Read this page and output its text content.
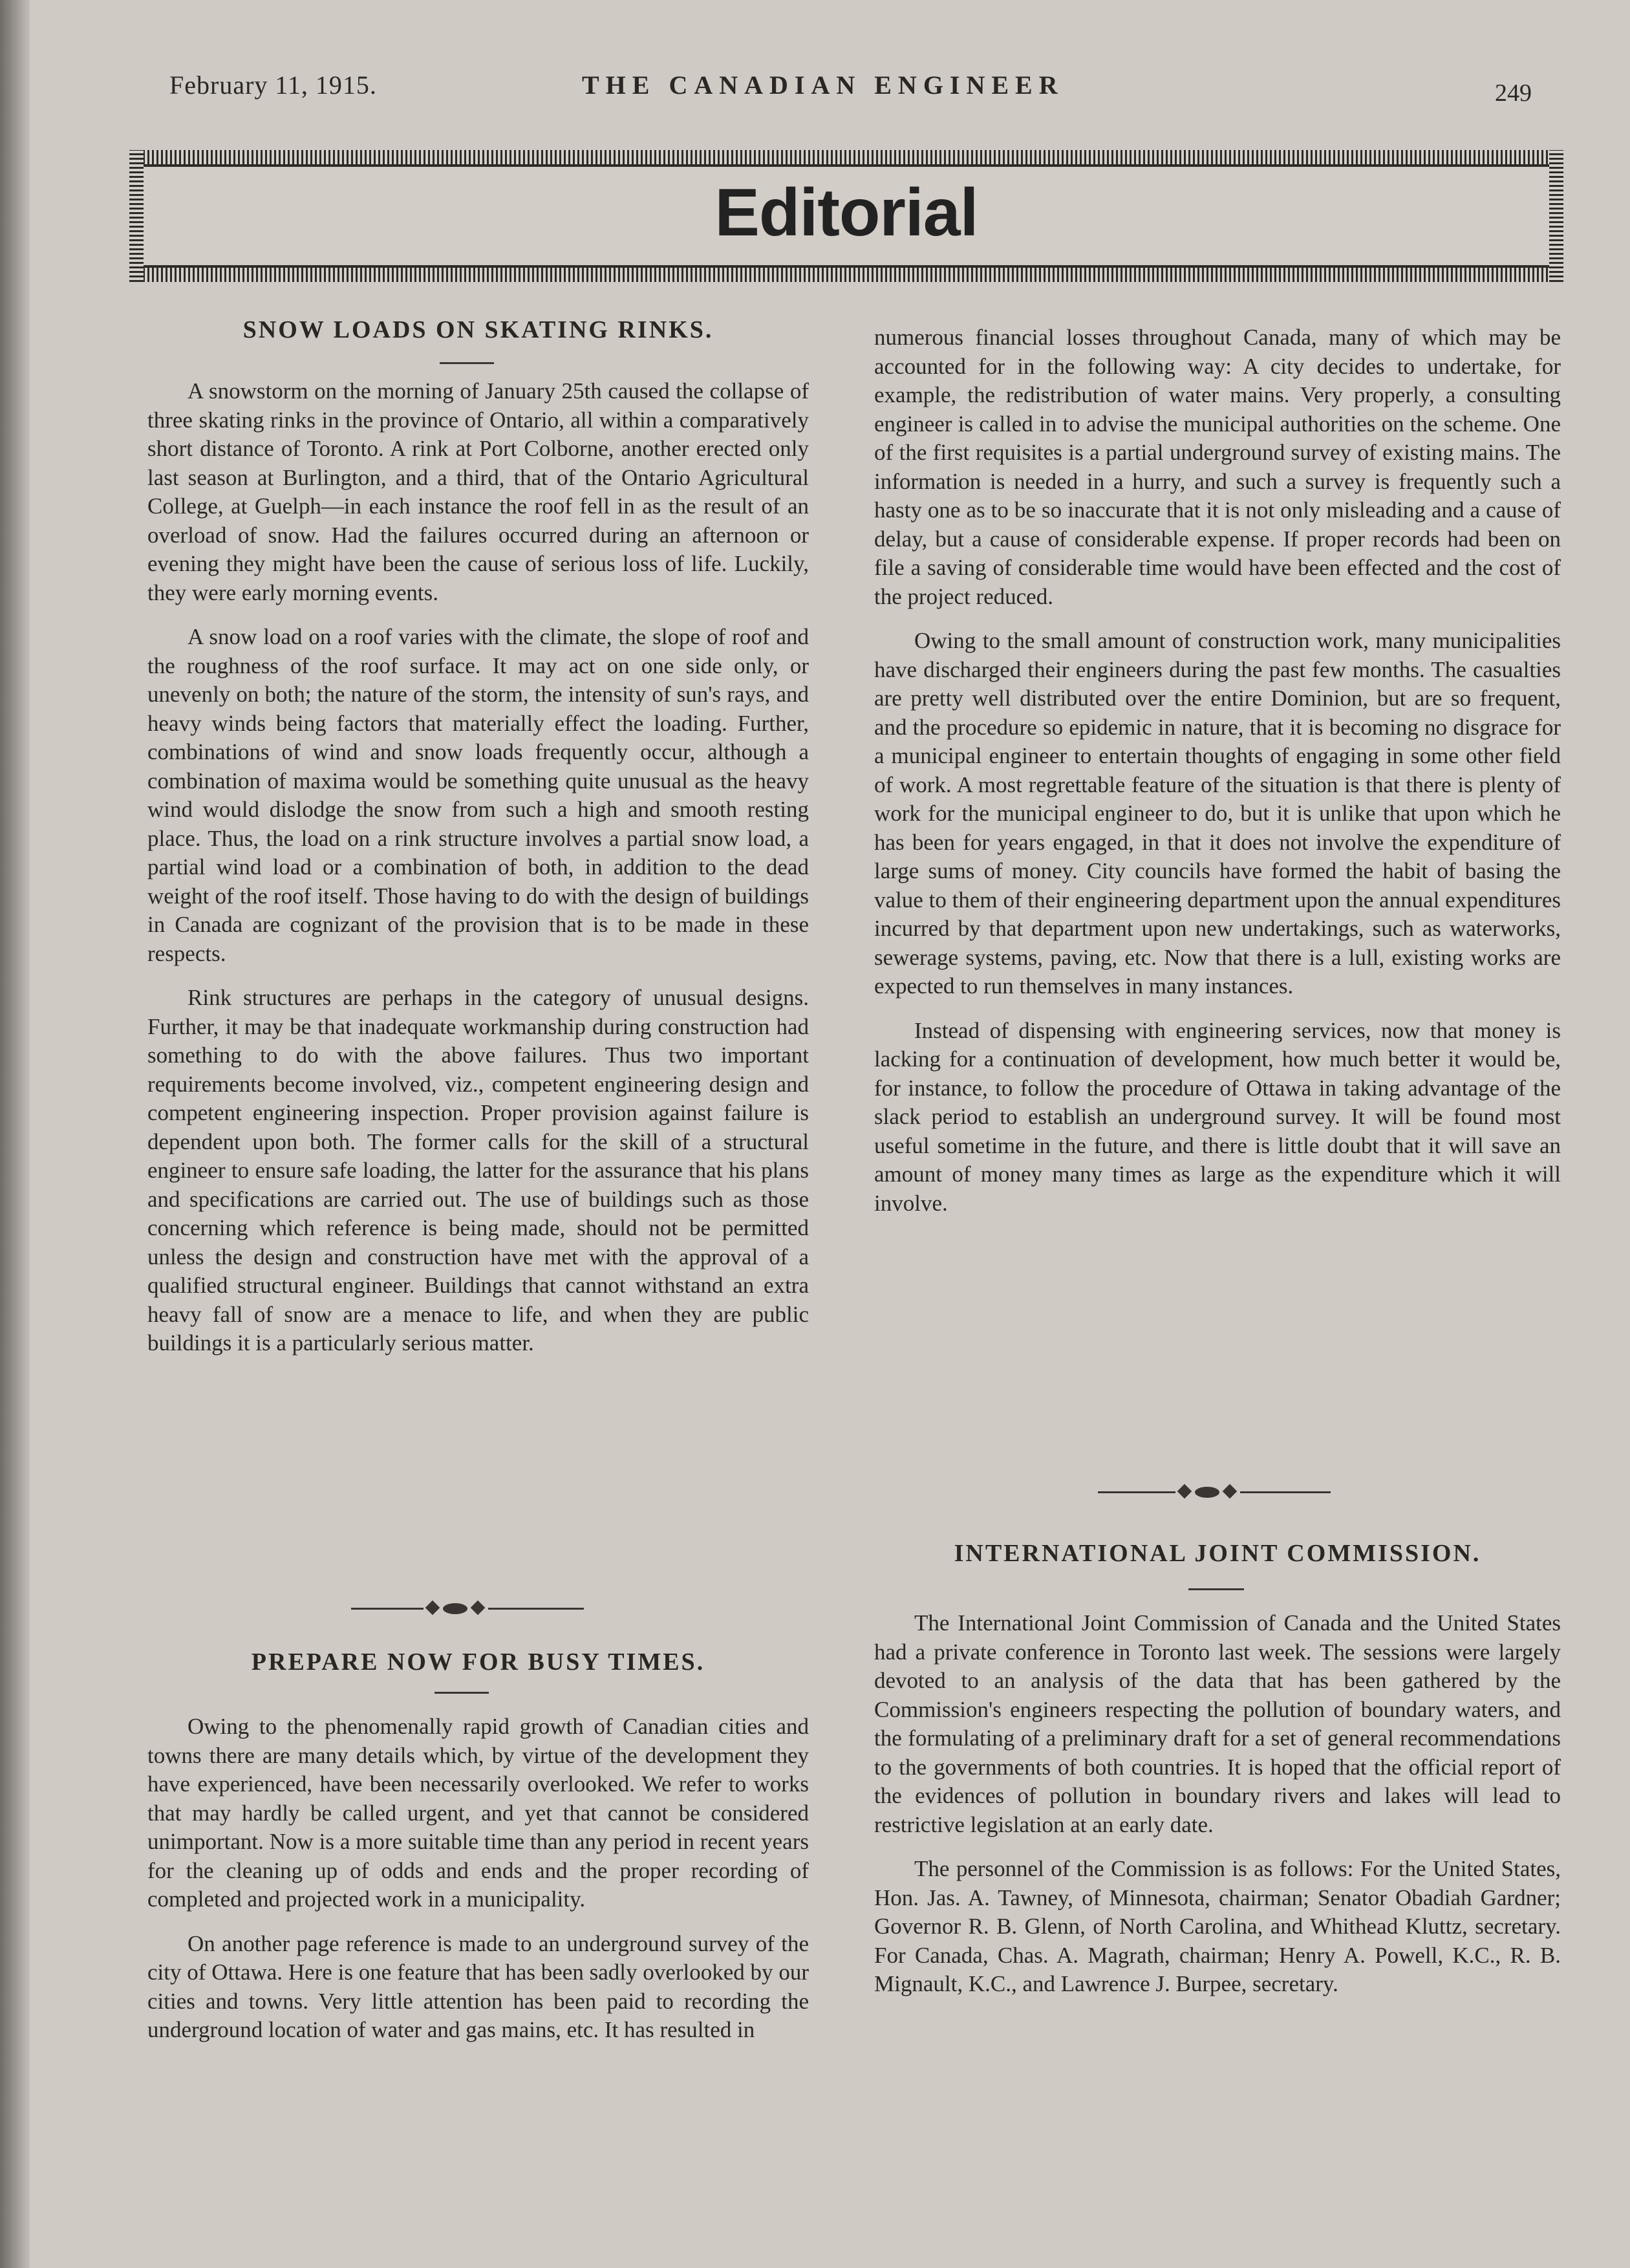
February 11, 1915.	THE CANADIAN ENGINEER	249
Editorial
SNOW LOADS ON SKATING RINKS.

A snowstorm on the morning of January 25th caused the collapse of three skating rinks in the province of Ontario, all within a comparatively short distance of Toronto. A rink at Port Colborne, another erected only last season at Burlington, and a third, that of the Ontario Agricultural College, at Guelph—in each instance the roof fell in as the result of an overload of snow. Had the failures occurred during an afternoon or evening they might have been the cause of serious loss of life. Luckily, they were early morning events.

A snow load on a roof varies with the climate, the slope of roof and the roughness of the roof surface. It may act on one side only, or unevenly on both; the nature of the storm, the intensity of sun's rays, and heavy winds being factors that materially effect the loading. Further, combinations of wind and snow loads frequently occur, although a combination of maxima would be something quite unusual as the heavy wind would dislodge the snow from such a high and smooth resting place. Thus, the load on a rink structure involves a partial snow load, a partial wind load or a combination of both, in addition to the dead weight of the roof itself. Those having to do with the design of buildings in Canada are cognizant of the provision that is to be made in these respects.

Rink structures are perhaps in the category of unusual designs. Further, it may be that inadequate workmanship during construction had something to do with the above failures. Thus two important requirements become involved, viz., competent engineering design and competent engineering inspection. Proper provision against failure is dependent upon both. The former calls for the skill of a structural engineer to ensure safe loading, the latter for the assurance that his plans and specifications are carried out. The use of buildings such as those concerning which reference is being made, should not be permitted unless the design and construction have met with the approval of a qualified structural engineer. Buildings that cannot withstand an extra heavy fall of snow are a menace to life, and when they are public buildings it is a particularly serious matter.

PREPARE NOW FOR BUSY TIMES.

Owing to the phenomenally rapid growth of Canadian cities and towns there are many details which, by virtue of the development they have experienced, have been necessarily overlooked. We refer to works that may hardly be called urgent, and yet that cannot be considered unimportant. Now is a more suitable time than any period in recent years for the cleaning up of odds and ends and the proper recording of completed and projected work in a municipality.

On another page reference is made to an underground survey of the city of Ottawa. Here is one feature that has been sadly overlooked by our cities and towns. Very little attention has been paid to recording the underground location of water and gas mains, etc. It has resulted in

numerous financial losses throughout Canada, many of which may be accounted for in the following way: A city decides to undertake, for example, the redistribution of water mains. Very properly, a consulting engineer is called in to advise the municipal authorities on the scheme. One of the first requisites is a partial underground survey of existing mains. The information is needed in a hurry, and such a survey is frequently such a hasty one as to be so inaccurate that it is not only misleading and a cause of delay, but a cause of considerable expense. If proper records had been on file a saving of considerable time would have been effected and the cost of the project reduced.

Owing to the small amount of construction work, many municipalities have discharged their engineers during the past few months. The casualties are pretty well distributed over the entire Dominion, but are so frequent, and the procedure so epidemic in nature, that it is becoming no disgrace for a municipal engineer to entertain thoughts of engaging in some other field of work. A most regrettable feature of the situation is that there is plenty of work for the municipal engineer to do, but it is unlike that upon which he has been for years engaged, in that it does not involve the expenditure of large sums of money. City councils have formed the habit of basing the value to them of their engineering department upon the annual expenditures incurred by that department upon new undertakings, such as waterworks, sewerage systems, paving, etc. Now that there is a lull, existing works are expected to run themselves in many instances.

Instead of dispensing with engineering services, now that money is lacking for a continuation of development, how much better it would be, for instance, to follow the procedure of Ottawa in taking advantage of the slack period to establish an underground survey. It will be found most useful sometime in the future, and there is little doubt that it will save an amount of money many times as large as the expenditure which it will involve.

INTERNATIONAL JOINT COMMISSION.

The International Joint Commission of Canada and the United States had a private conference in Toronto last week. The sessions were largely devoted to an analysis of the data that has been gathered by the Commission's engineers respecting the pollution of boundary waters, and the formulating of a preliminary draft for a set of general recommendations to the governments of both countries. It is hoped that the official report of the evidences of pollution in boundary rivers and lakes will lead to restrictive legislation at an early date.

The personnel of the Commission is as follows: For the United States, Hon. Jas. A. Tawney, of Minnesota, chairman; Senator Obadiah Gardner; Governor R. B. Glenn, of North Carolina, and Whithead Kluttz, secretary. For Canada, Chas. A. Magrath, chairman; Henry A. Powell, K.C., R. B. Mignault, K.C., and Lawrence J. Burpee, secretary.
